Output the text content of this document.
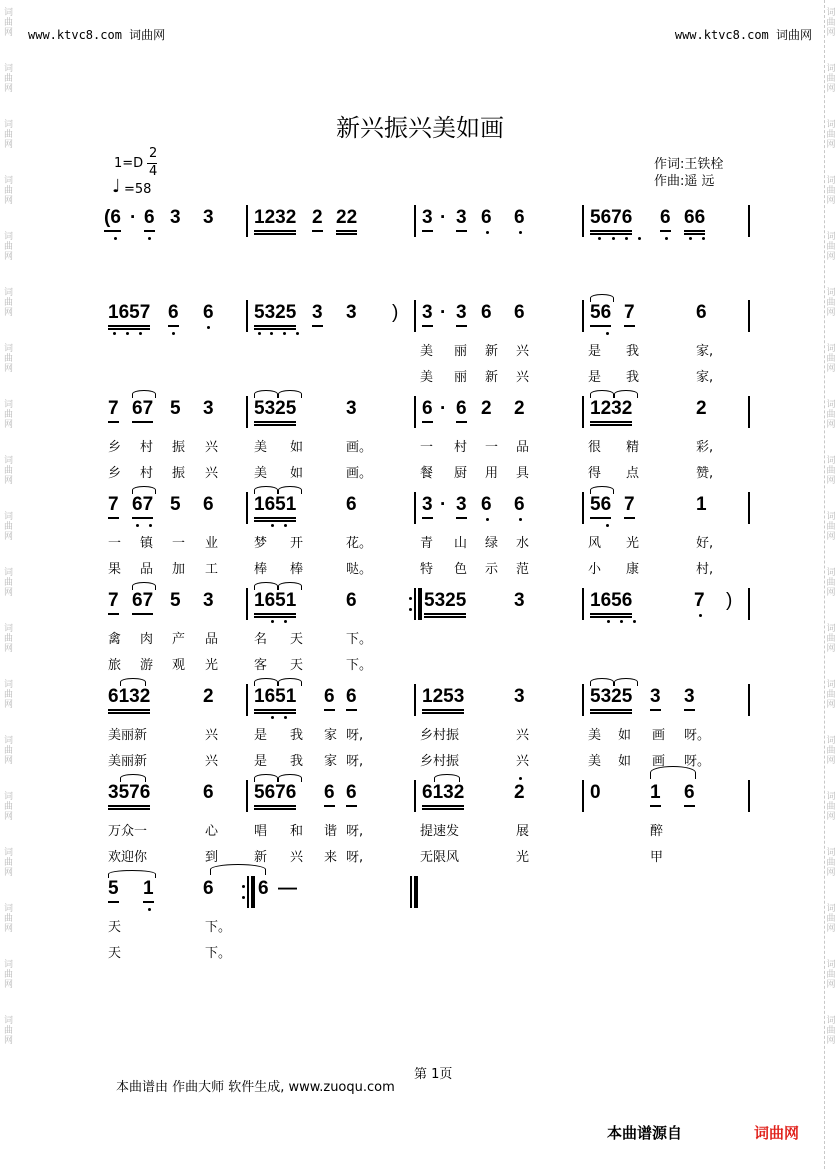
词曲网
词曲网
词曲网
词曲网
词曲网
词曲网
词曲网
词曲网
词曲网
词曲网
词曲网
词曲网
词曲网
词曲网
词曲网
词曲网
词曲网
词曲网
词曲网
词曲网
词曲网
词曲网
词曲网
词曲网
词曲网
词曲网
词曲网
词曲网
词曲网
词曲网
词曲网
词曲网
词曲网
词曲网
词曲网
词曲网
词曲网
词曲网
www.ktvc8.com 词曲网	www.ktvc8.com 词曲网
新兴振兴美如画
1=D
2
4
♩ =58
作词:王铁栓
作曲:遥 远
(6 · 6 3 3 1232 2 22	3 · 3 6 6	5676 6 66
1657 6 6 5325 3 3 ) 3 · 3 6 6	56 7	6
美 丽 新 兴	是 我	家,
美 丽 新 兴	是 我	家,
7 67 5 3 5325	3	6 · 6 2 2	1232	2
乡 村 振 兴	美 如	画。	一 村 一 品	很 精	彩,
乡 村 振 兴	美 如	画。	餐 厨 用 具	得 点	赞,
7 67 5 6 1651	6	3 · 3 6 6	56 7	1
一 镇 一 业	梦 开	花。	青 山 绿 水	风 光	好,
果 品 加 工	棒 棒	哒。	特 色 示 范	小 康	村,
7 67 5 3 1651	6	5325	3	1656	7 )
禽 肉 产 品	名 天	下。
旅 游 观 光	客 天	下。
6132	2 1651 6 6	1253	3	5325 3 3
美丽新	兴	是 我 家 呀,	乡村振	兴	美 如 画 呀。
美丽新	兴	是 我 家 呀,	乡村振	兴	美 如 画 呀。
3576	6 5676 6 6	6132	2	0	1 6
万众一	心	唱 和 谐 呀,	提速发	展	醉
欢迎你	到	新 兴 来 呀,	无限风	光	甲
5 1	6 6 —
天	下。
天	下。
第 1页
本曲谱由 作曲大师 软件生成, www.zuoqu.com
本曲谱源自	词曲网
